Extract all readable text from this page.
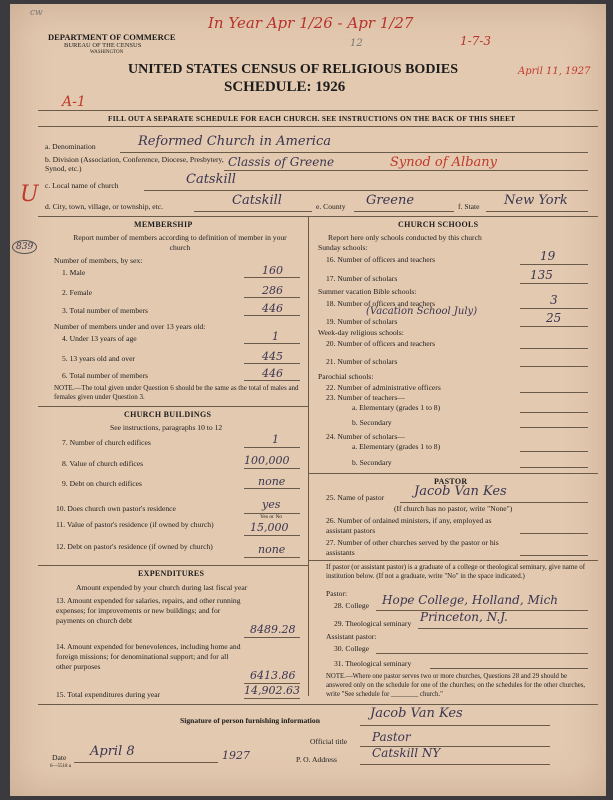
DEPARTMENT OF COMMERCE
BUREAU OF THE CENSUS
WASHINGTON
In Year Apr 1/26 - Apr 1/27
1-7-3
12
cw
UNITED STATES CENSUS OF RELIGIOUS BODIES
SCHEDULE: 1926
April 11, 1927
A-1
FILL OUT A SEPARATE SCHEDULE FOR EACH CHURCH. SEE INSTRUCTIONS ON THE BACK OF THIS SHEET
U
839
a. Denomination	Reformed Church in America
b. Division (Association, Conference, Diocese, Presbytery, Synod, etc.)	Classis of Greene	Synod of Albany
c. Local name of church	Catskill
d. City, town, village, or township, etc.	Catskill	e. County Greene	f. State New York
MEMBERSHIP
Report number of members according to definition of member in your church
Number of members, by sex:
1. Male	160
2. Female	286
3. Total number of members	446
Number of members under and over 13 years old:
4. Under 13 years of age	1
5. 13 years old and over	445
6. Total number of members	446
NOTE.—The total given under Question 6 should be the same as the total of males and females given under Question 3.
CHURCH BUILDINGS
See instructions, paragraphs 10 to 12
7. Number of church edifices	1
8. Value of church edifices	100,000
9. Debt on church edifices	none
10. Does church own pastor's residence	yes
Yes or No
11. Value of pastor's residence (if owned by church)	15,000
12. Debt on pastor's residence (if owned by church)	none
EXPENDITURES
Amount expended by your church during last fiscal year
13. Amount expended for salaries, repairs, and other running expenses; for improvements or new buildings; and for payments on church debt
8489.28
14. Amount expended for benevolences, including home and foreign missions; for denominational support; and for all other purposes
6413.86
15. Total expenditures during year	14,902.63
CHURCH SCHOOLS
Report here only schools conducted by this church
Sunday schools:
16. Number of officers and teachers	19
17. Number of scholars	135
Summer vacation Bible schools:
18. Number of officers and teachers	3
19. Number of scholars
(Vacation School July)	25
Week-day religious schools:
20. Number of officers and teachers
21. Number of scholars
Parochial schools:
22. Number of administrative officers
23. Number of teachers—
a. Elementary (grades 1 to 8)
b. Secondary
24. Number of scholars—
a. Elementary (grades 1 to 8)
b. Secondary
PASTOR
25. Name of pastor Jacob Van Kes
(If church has no pastor, write "None")
26. Number of ordained ministers, if any, employed as assistant pastors
27. Number of other churches served by the pastor or his assistants
If pastor (or assistant pastor) is a graduate of a college or theological seminary, give name of institution below. (If not a graduate, write "No" in the space indicated.)
Pastor:
28. College Hope College, Holland, Mich
29. Theological seminary Princeton, N.J.
Assistant pastor:
30. College
31. Theological seminary
NOTE.—Where one pastor serves two or more churches, Questions 28 and 29 should be answered only on the schedule for one of the churches; on the schedules for the other churches, write "See schedule for ________ church."
Signature of person furnishing information	Jacob Van Kes
Official title Pastor
Date April 8	1927	P. O. Address	Catskill NY
6—5518 a
